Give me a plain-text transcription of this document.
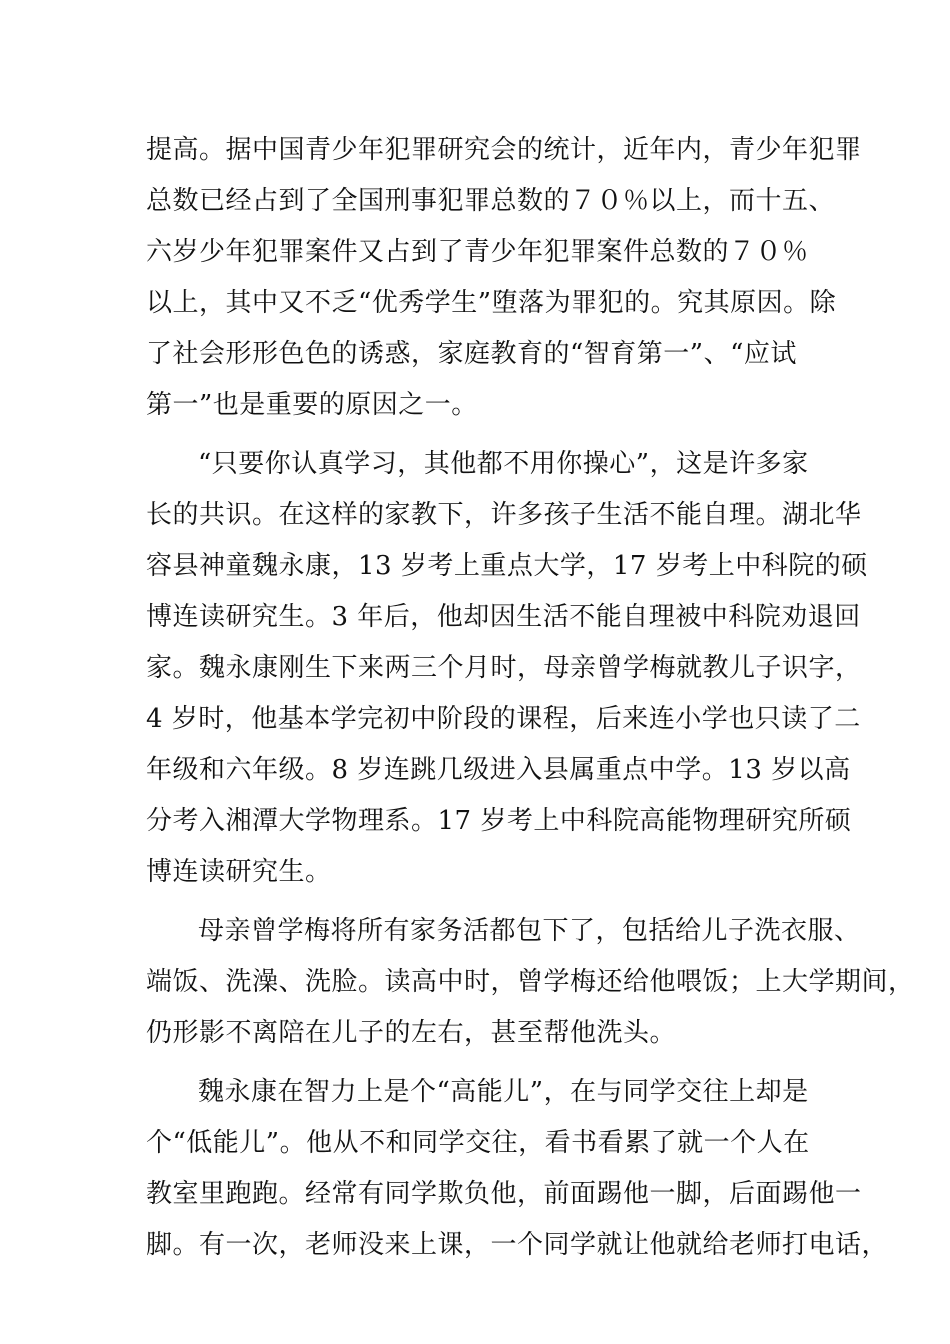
提高。据中国青少年犯罪研究会的统计，近年内，青少年犯罪
总数已经占到了全国刑事犯罪总数的７０％以上，而十五、
六岁少年犯罪案件又占到了青少年犯罪案件总数的７０％
以上，其中又不乏“优秀学生”堕落为罪犯的。究其原因。除
了社会形形色色的诱惑，家庭教育的“智育第一”、“应试
第一”也是重要的原因之一。
“只要你认真学习，其他都不用你操心”，这是许多家
长的共识。在这样的家教下，许多孩子生活不能自理。湖北华
容县神童魏永康，13 岁考上重点大学，17 岁考上中科院的硕
博连读研究生。3 年后，他却因生活不能自理被中科院劝退回
家。魏永康刚生下来两三个月时，母亲曾学梅就教儿子识字，
4 岁时，他基本学完初中阶段的课程，后来连小学也只读了二
年级和六年级。8 岁连跳几级进入县属重点中学。13 岁以高
分考入湘潭大学物理系。17 岁考上中科院高能物理研究所硕
博连读研究生。
母亲曾学梅将所有家务活都包下了，包括给儿子洗衣服、
端饭、洗澡、洗脸。读高中时，曾学梅还给他喂饭；上大学期间，
仍形影不离陪在儿子的左右，甚至帮他洗头。
魏永康在智力上是个“高能儿”，在与同学交往上却是
个“低能儿”。他从不和同学交往，看书看累了就一个人在
教室里跑跑。经常有同学欺负他，前面踢他一脚，后面踢他一
脚。有一次，老师没来上课，一个同学就让他就给老师打电话，
